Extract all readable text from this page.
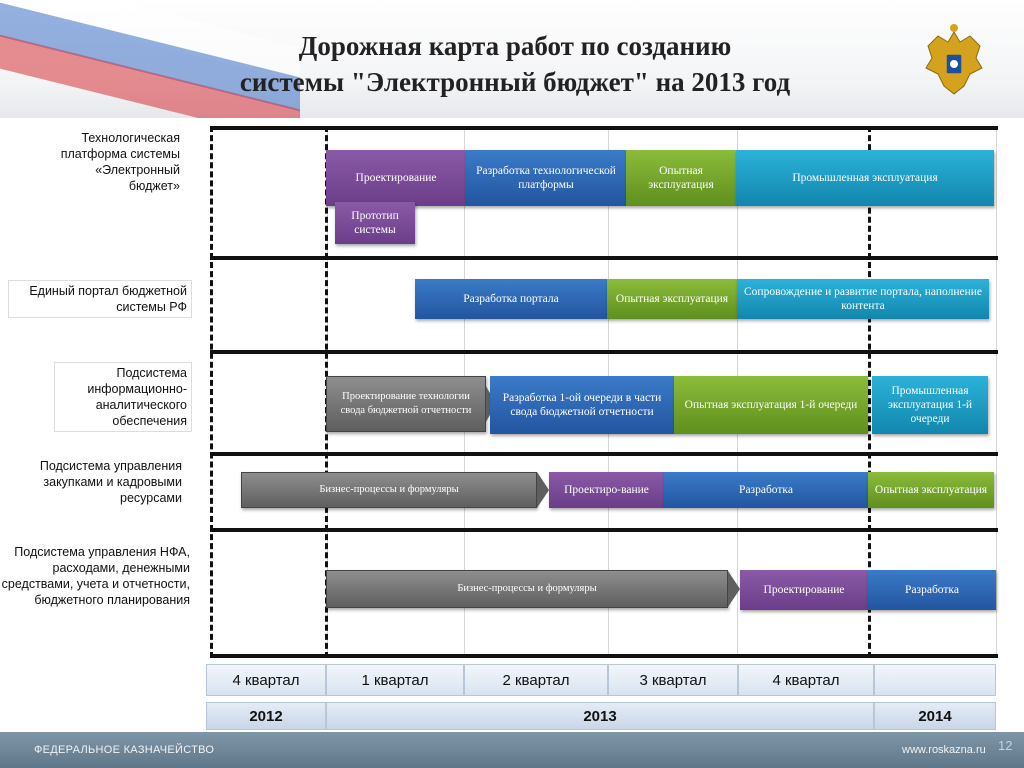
Дорожная карта работ по созданию
системы "Электронный бюджет" на 2013 год
Технологическая платформа системы «Электронный бюджет»
Единый портал бюджетной системы РФ
Подсистема информационно-аналитического обеспечения
Подсистема управления закупками и кадровыми ресурсами
Подсистема управления НФА, расходами, денежными средствами, учета и отчетности, бюджетного планирования
Проектирование
Разработка технологической платформы
Опытная эксплуатация
Промышленная эксплуатация
Прототип системы
Разработка портала	Опытная эксплуатация
Сопровождение и развитие портала, наполнение контента
Проектирование технологии свода бюджетной отчетности
Разработка 1-ой очереди в части свода бюджетной отчетности
Опытная эксплуатация 1-й очереди
Промышленная эксплуатация 1-й очереди
Бизнес-процессы и формуляры	Проектиро-вание	Разработка	Опытная эксплуатация
Бизнес-процессы и формуляры	Проектирование	Разработка
4 квартал	1 квартал	2 квартал	3 квартал	4 квартал
2012	2013	2014
ФЕДЕРАЛЬНОЕ КАЗНАЧЕЙСТВО	www.roskazna.ru 12
